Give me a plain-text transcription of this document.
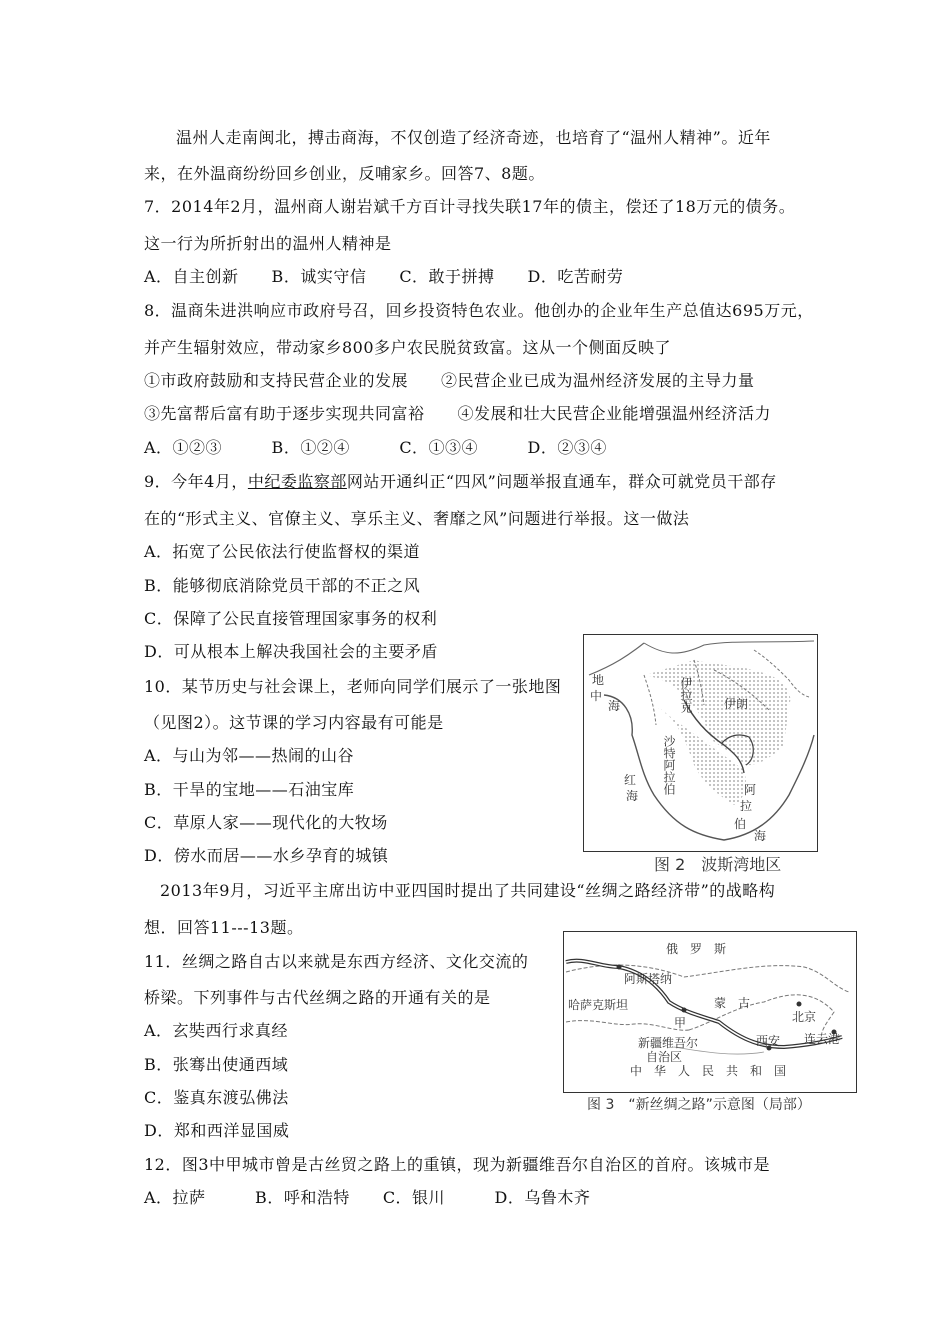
温州人走南闽北，搏击商海，不仅创造了经济奇迹，也培育了“温州人精神”。近年
来，在外温商纷纷回乡创业，反哺家乡。回答7、8题。
7．2014年2月，温州商人谢岩斌千方百计寻找失联17年的债主，偿还了18万元的债务。
这一行为所折射出的温州人精神是
A．自主创新　　B．诚实守信　　C．敢于拼搏　　D．吃苦耐劳
8．温商朱进洪响应市政府号召，回乡投资特色农业。他创办的企业年生产总值达695万元，
并产生辐射效应，带动家乡800多户农民脱贫致富。这从一个侧面反映了
①市政府鼓励和支持民营企业的发展　　②民营企业已成为温州经济发展的主导力量
③先富帮后富有助于逐步实现共同富裕　　④发展和壮大民营企业能增强温州经济活力
A．①②③　　　B．①②④　　　C．①③④　　　D．②③④
9．今年4月，中纪委监察部网站开通纠正“四风”问题举报直通车，群众可就党员干部存
在的“形式主义、官僚主义、享乐主义、奢靡之风”问题进行举报。这一做法
A．拓宽了公民依法行使监督权的渠道
B．能够彻底消除党员干部的不正之风
C．保障了公民直接管理国家事务的权利
D．可从根本上解决我国社会的主要矛盾
10．某节历史与社会课上，老师向同学们展示了一张地图
（见图2）。这节课的学习内容最有可能是
A．与山为邻——热闹的山谷
B．干旱的宝地——石油宝库
C．草原人家——现代化的大牧场
D．傍水而居——水乡孕育的城镇
地
中
海	伊拉克	伊朗
沙特阿拉伯
红
海	阿
拉
伯
海
图 2　波斯湾地区
2013年9月，习近平主席出访中亚四国时提出了共同建设“丝绸之路经济带”的战略构
想．回答11---13题。
11．丝绸之路自古以来就是东西方经济、文化交流的
桥梁。下列事件与古代丝绸之路的开通有关的是
A．玄奘西行求真经
B．张骞出使通西域
C．鉴真东渡弘佛法
D．郑和西洋显国威
俄　罗　斯
阿斯塔纳
哈萨克斯坦	蒙　古
北京
甲
新疆维吾尔
自治区
西安 连云港
中　华　人　民　共　和　国
图 3　“新丝绸之路”示意图（局部）
12．图3中甲城市曾是古丝贸之路上的重镇，现为新疆维吾尔自治区的首府。该城市是
A．拉萨　　　B．呼和浩特　　C．银川　　　D．乌鲁木齐
